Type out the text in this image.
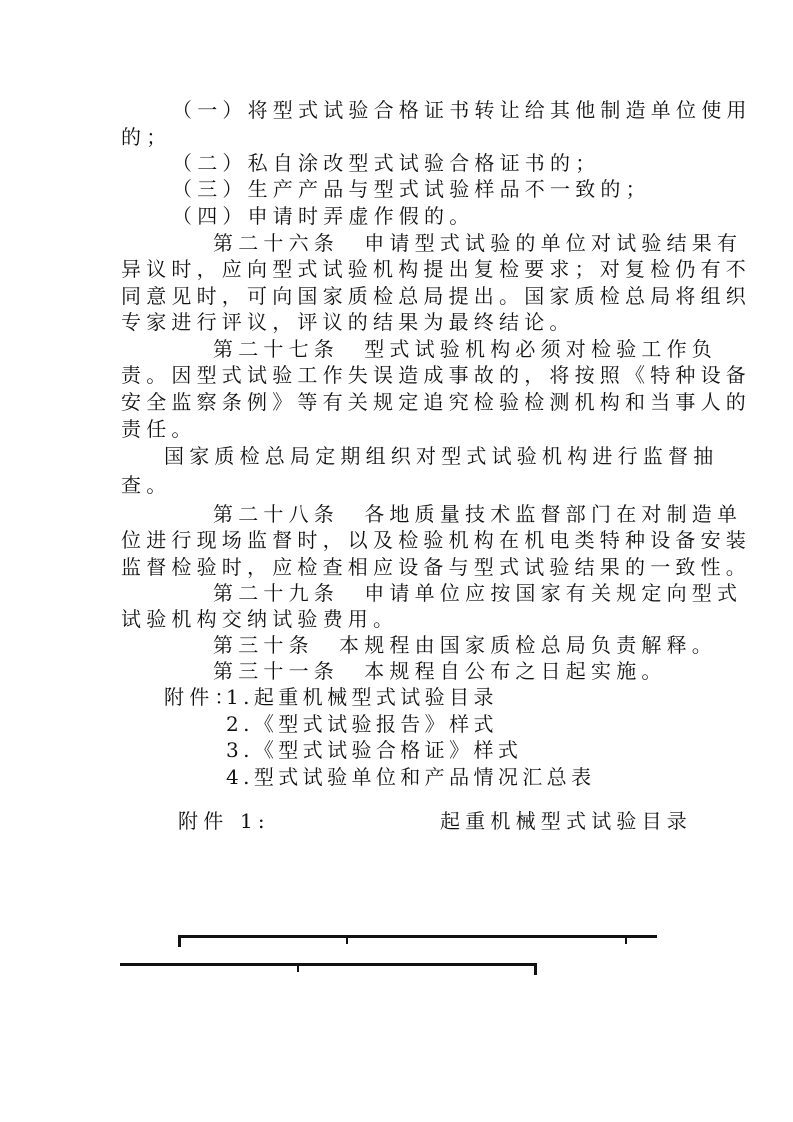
（一）将型式试验合格证书转让给其他制造单位使用
的；
（二）私自涂改型式试验合格证书的；
（三）生产产品与型式试验样品不一致的；
（四）申请时弄虚作假的。
第二十六条　申请型式试验的单位对试验结果有
异议时，应向型式试验机构提出复检要求；对复检仍有不
同意见时，可向国家质检总局提出。国家质检总局将组织
专家进行评议，评议的结果为最终结论。
第二十七条　型式试验机构必须对检验工作负
责。因型式试验工作失误造成事故的，将按照《特种设备
安全监察条例》等有关规定追究检验检测机构和当事人的
责任。
国家质检总局定期组织对型式试验机构进行监督抽
查。
第二十八条　各地质量技术监督部门在对制造单
位进行现场监督时，以及检验机构在机电类特种设备安装
监督检验时，应检查相应设备与型式试验结果的一致性。
第二十九条　申请单位应按国家有关规定向型式
试验机构交纳试验费用。
第三十条　本规程由国家质检总局负责解释。
第三十一条　本规程自公布之日起实施。
附件：
1.起重机械型式试验目录
2.《型式试验报告》样式
3.《型式试验合格证》样式
4.型式试验单位和产品情况汇总表
附件 1:	起重机械型式试验目录
